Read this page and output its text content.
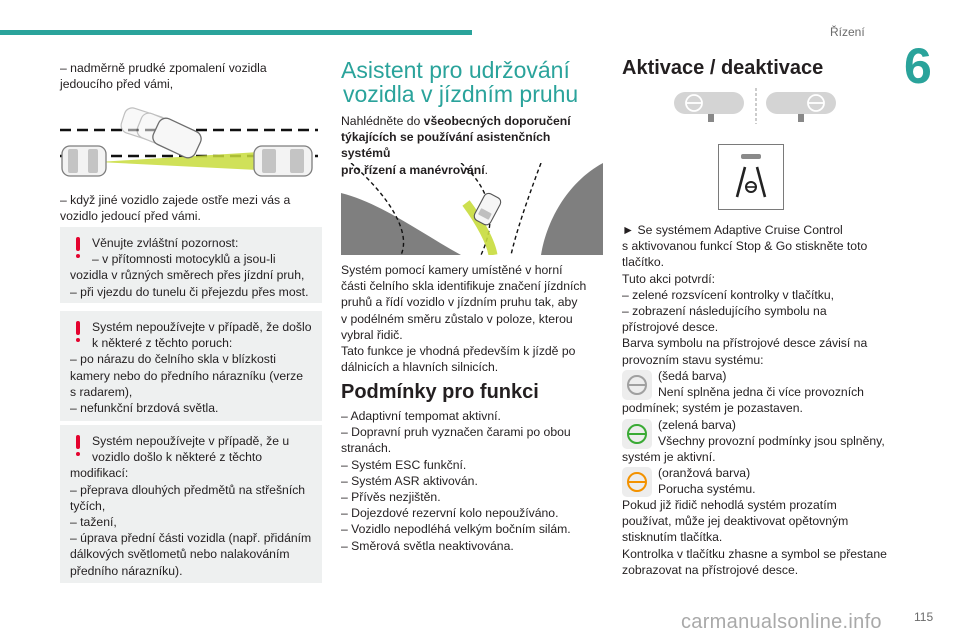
Řízení
6

– nadměrně prudké zpomalení vozidla jedoucího před vámi,

– když jiné vozidlo zajede ostře mezi vás a vozidlo jedoucí před vámi.

Věnujte zvláštní pozornost:

– v přítomnosti motocyklů a jsou-li

vozidla v různých směrech přes jízdní pruh,

– při vjezdu do tunelu či přejezdu přes most.

Systém nepoužívejte v případě, že došlo

k některé z těchto poruch:

– po nárazu do čelního skla v blízkosti

kamery nebo do předního nárazníku (verze

s radarem),

– nefunkční brzdová světla.

Systém nepoužívejte v případě, že u

vozidlo došlo k některé z těchto

modifikací:

– přeprava dlouhých předmětů na střešních

tyčích,

– tažení,

– úprava přední části vozidla (např. přidáním

dálkových světlometů nebo nalakováním

předního nárazníku).

Asistent pro udržování

vozidla v jízdním pruhu

Nahlédněte do všeobecných doporučení

týkajících se používání asistenčních systémů

pro řízení a manévrování.

Systém pomocí kamery umístěné v horní

části čelního skla identifikuje značení jízdních

pruhů a řídí vozidlo v jízdním pruhu tak, aby

v podélném směru zůstalo v poloze, kterou

vybral řidič.

Tato funkce je vhodná především k jízdě po

dálnicích a hlavních silnicích.

Podmínky pro funkci

– Adaptivní tempomat aktivní.

– Dopravní pruh vyznačen čarami po obou

stranách.

– Systém ESC funkční.

– Systém ASR aktivován.

– Přívěs nezjištěn.

– Dojezdové rezervní kolo nepoužíváno.

– Vozidlo nepodléhá velkým bočním silám.

– Směrová světla neaktivována.

Aktivace / deaktivace

► Se systémem Adaptive Cruise Control

s aktivovanou funkcí Stop & Go stiskněte toto

tlačítko.

Tuto akci potvrdí:

– zelené rozsvícení kontrolky v tlačítku,

– zobrazení následujícího symbolu na

přístrojové desce.

Barva symbolu na přístrojové desce závisí na

provozním stavu systému:

(šedá barva)

Není splněna jedna či více provozních

podmínek; systém je pozastaven.

(zelená barva)

Všechny provozní podmínky jsou splněny,

systém je aktivní.

(oranžová barva)

Porucha systému.

Pokud již řidič nehodlá systém prozatím

používat, může jej deaktivovat opětovným

stisknutím tlačítka.

Kontrolka v tlačítku zhasne a symbol se přestane

zobrazovat na přístrojové desce.

carmanualsonline.info	115
